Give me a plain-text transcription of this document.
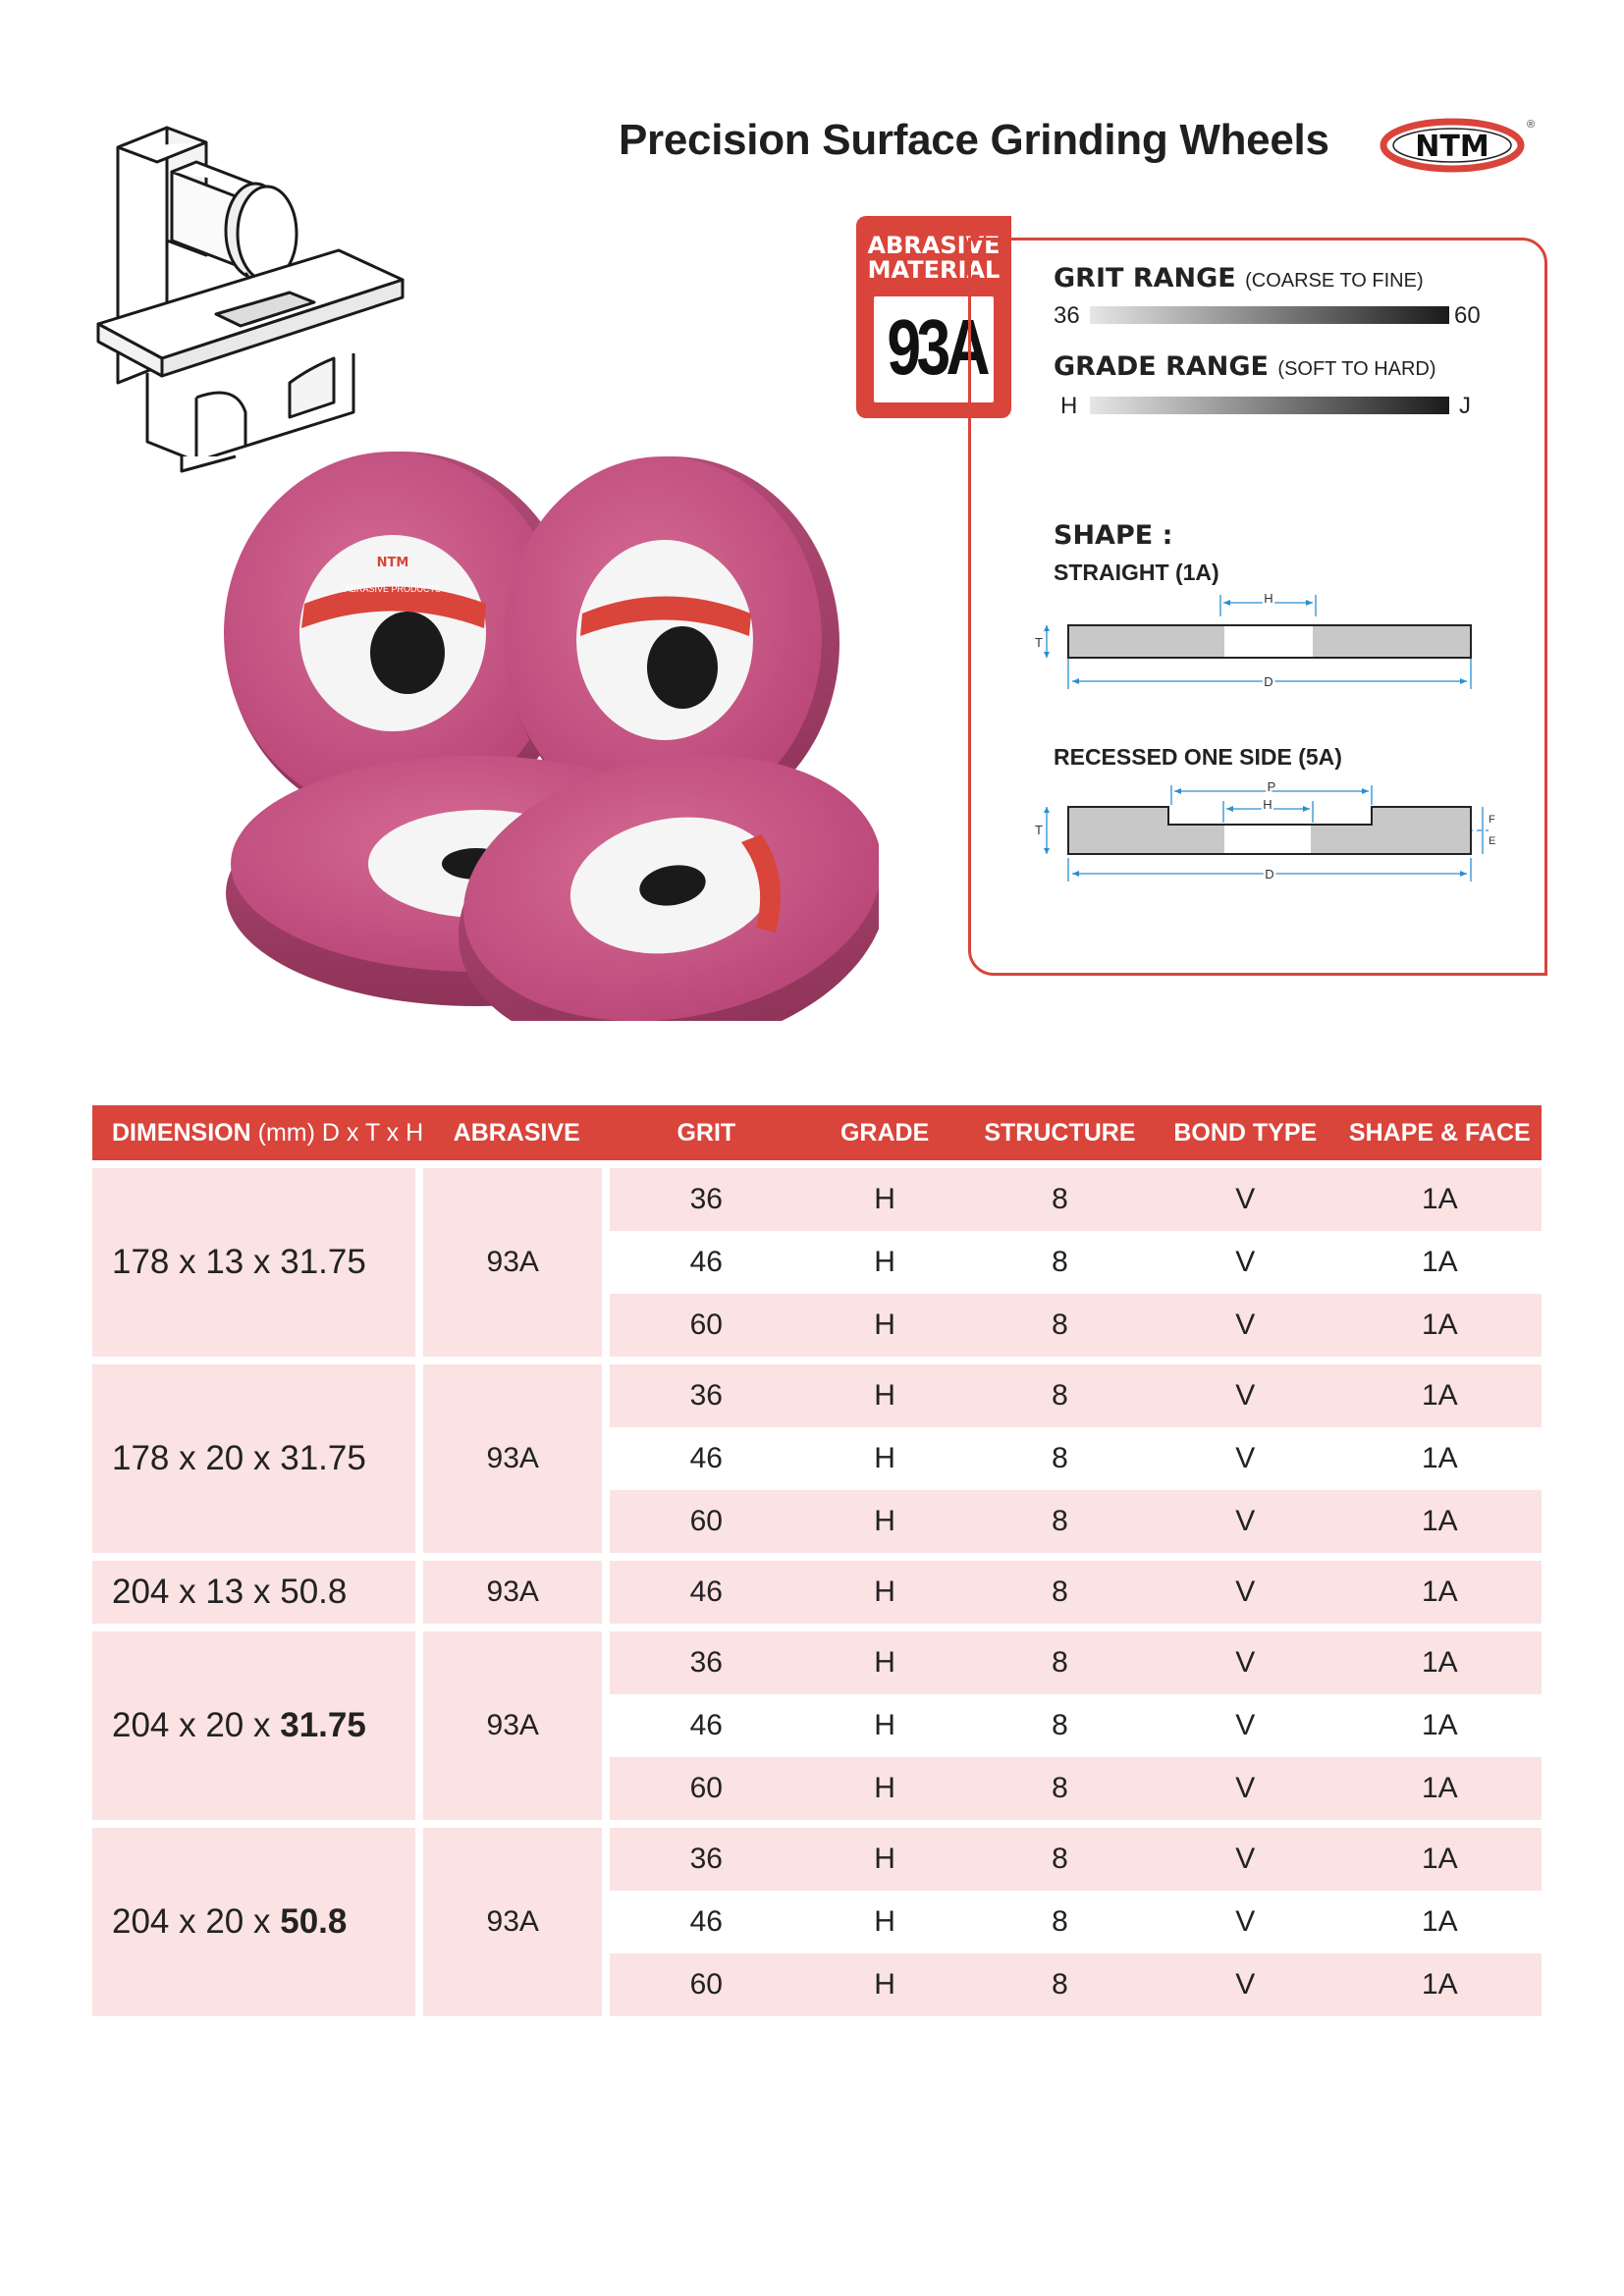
Precision Surface Grinding Wheels	NTM
®
ABRASIVE
MATERIAL
93A
GRIT RANGE (COARSE TO FINE)
36	60
GRADE RANGE (SOFT TO HARD)
H	J
SHAPE :
STRAIGHT (1A)
H
T
D
RECESSED ONE SIDE (5A)
P
H
T
D
F
E
NTM
ABRASIVE PRODUCTS
DIMENSION (mm) D x T x H	ABRASIVE	GRIT	GRADE	STRUCTURE	BOND TYPE	SHAPE & FACE
178 x 13 x 31.75	93A	36	H	8	V	1A
		46	H	8	V	1A
		60	H	8	V	1A
178 x 20 x 31.75	93A	36	H	8	V	1A
		46	H	8	V	1A
		60	H	8	V	1A
204 x 13 x 50.8	93A	46	H	8	V	1A
204 x 20 x 31.75	93A	36	H	8	V	1A
		46	H	8	V	1A
		60	H	8	V	1A
204 x 20 x 50.8	93A	36	H	8	V	1A
		46	H	8	V	1A
		60	H	8	V	1A
